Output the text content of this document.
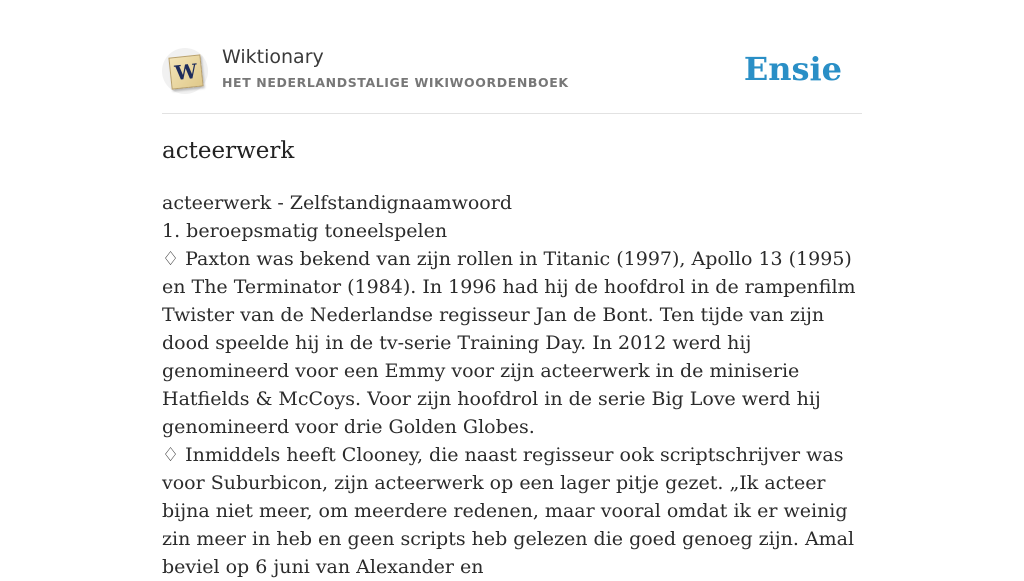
W
Wiktionary
HET NEDERLANDSTALIGE WIKIWOORDENBOEK	Ensie
acteerwerk

acteerwerk - Zelfstandignaamwoord

1. beroepsmatig toneelspelen

♢ Paxton was bekend van zijn rollen in Titanic (1997), Apollo 13 (1995) en The Terminator (1984). In 1996 had hij de hoofdrol in de rampenfilm Twister van de Nederlandse regisseur Jan de Bont. Ten tijde van zijn dood speelde hij in de tv-serie Training Day. In 2012 werd hij genomineerd voor een Emmy voor zijn acteerwerk in de miniserie Hatfields & McCoys. Voor zijn hoofdrol in de serie Big Love werd hij genomineerd voor drie Golden Globes.

♢ Inmiddels heeft Clooney, die naast regisseur ook scriptschrijver was voor Suburbicon, zijn acteerwerk op een lager pitje gezet. „Ik acteer bijna niet meer, om meerdere redenen, maar vooral omdat ik er weinig zin meer in heb en geen scripts heb gelezen die goed genoeg zijn. Amal beviel op 6 juni van Alexander en
